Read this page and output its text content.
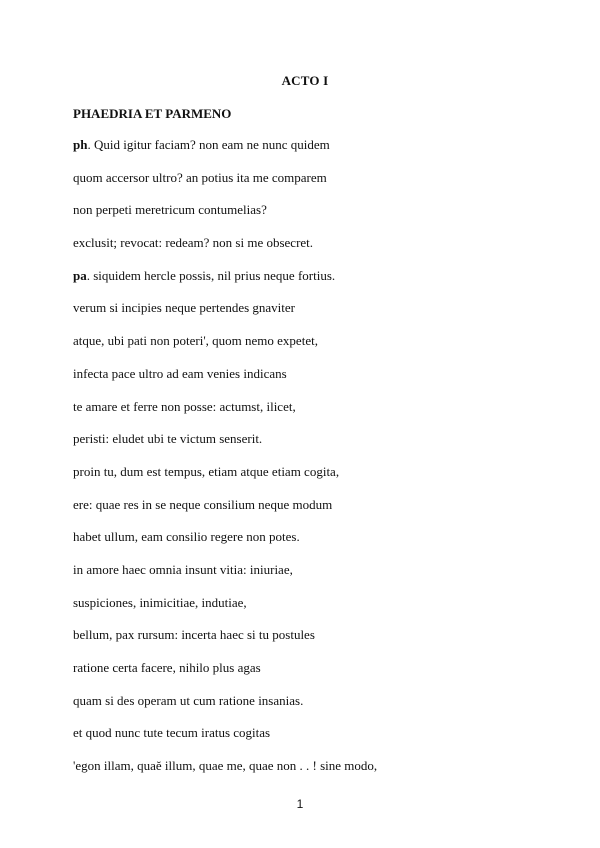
ACTO I
PHAEDRIA ET PARMENO
ph. Quid igitur faciam? non eam ne nunc quidem
quom accersor ultro? an potius ita me comparem
non perpeti meretricum contumelias?
exclusit; revocat: redeam? non si me obsecret.
pa. siquidem hercle possis, nil prius neque fortius.
verum si incipies neque pertendes gnaviter
atque, ubi pati non poteri', quom nemo expetet,
infecta pace ultro ad eam venies indicans
te amare et ferre non posse: actumst, ilicet,
peristi: eludet ubi te victum senserit.
proin tu, dum est tempus, etiam atque etiam cogita,
ere: quae res in se neque consilium neque modum
habet ullum, eam consilio regere non potes.
in amore haec omnia insunt vitia: iniuriae,
suspiciones, inimicitiae, indutiae,
bellum, pax rursum: incerta haec si tu postules
ratione certa facere, nihilo plus agas
quam si des operam ut cum ratione insanias.
et quod nunc tute tecum iratus cogitas
'egon illam, quaĕ illum, quae me, quae non . . ! sine modo,
1
